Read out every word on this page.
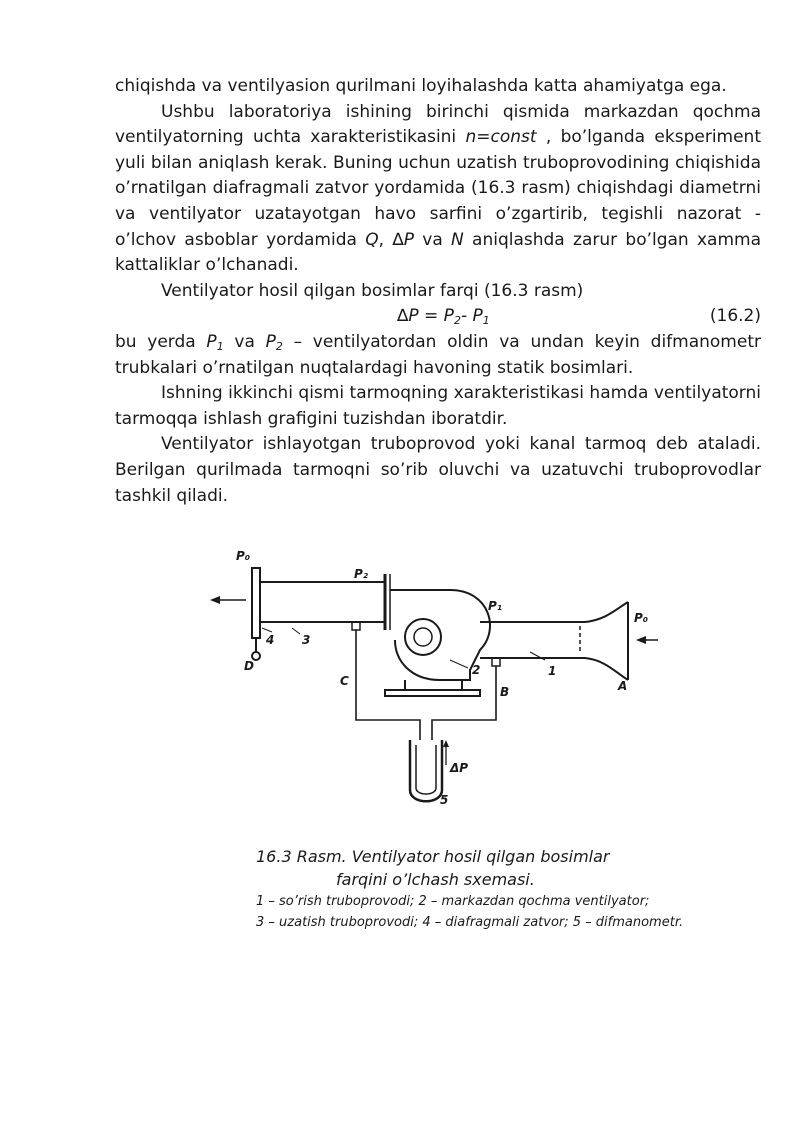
chiqishda va ventilyasion qurilmani loyihalashda katta ahamiyatga ega.

Ushbu laboratoriya ishining birinchi qismida markazdan qochma ventilyatorning uchta xarakteristikasini n=const , bo’lganda eksperiment yuli bilan aniqlash kerak. Buning uchun uzatish truboprovodining chiqishida o’rnatilgan diafragmali zatvor yordamida (16.3 rasm) chiqishdagi diametrni va ventilyator uzatayotgan havo sarfini o’zgartirib, tegishli nazorat - o’lchov asboblar yordamida Q, ∆P va N aniqlashda zarur bo’lgan xamma kattaliklar o’lchanadi.

Ventilyator hosil qilgan bosimlar farqi (16.3 rasm)

$\Delta P = P_2-$ $P_1$	(16.2)

bu yerda $P_1$ va $P_2$ – ventilyatordan oldin va undan keyin difmanometr trubkalari o’rnatilgan nuqtalardagi havoning statik bosimlari.

Ishning ikkinchi qismi tarmoqning xarakteristikasi hamda ventilyatorni tarmoqqa ishlash grafigini tuzishdan iboratdir.

Ventilyator ishlayotgan truboprovod yoki kanal tarmoq deb ataladi. Berilgan qurilmada tarmoqni so’rib oluvchi va uzatuvchi truboprovodlar tashkil qiladi.

P₀
P₂
P₁
P₀
4 3
2	1
D
C
B	A
ΔP
5
16.3 Rasm. Ventilyator hosil qilgan bosimlar
farqini o’lchash sxemasi.
1 – so’rish truboprovodi; 2 – markazdan qochma ventilyator;
3 – uzatish truboprovodi; 4 – diafragmali zatvor; 5 – difmanometr.
